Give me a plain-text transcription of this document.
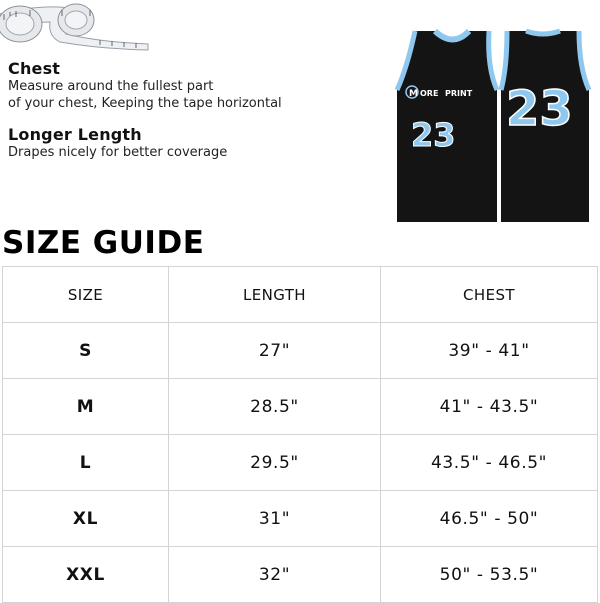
Chest
Measure around the fullest part
of your chest, Keeping the tape horizontal
Longer Length
Drapes nicely for better coverage
M ORE PRINT
23 23
SIZE GUIDE
SIZE	LENGTH	CHEST
S	27"	39" - 41"
M	28.5"	41" - 43.5"
L	29.5"	43.5" - 46.5"
XL	31"	46.5" - 50"
XXL	32"	50" - 53.5"
